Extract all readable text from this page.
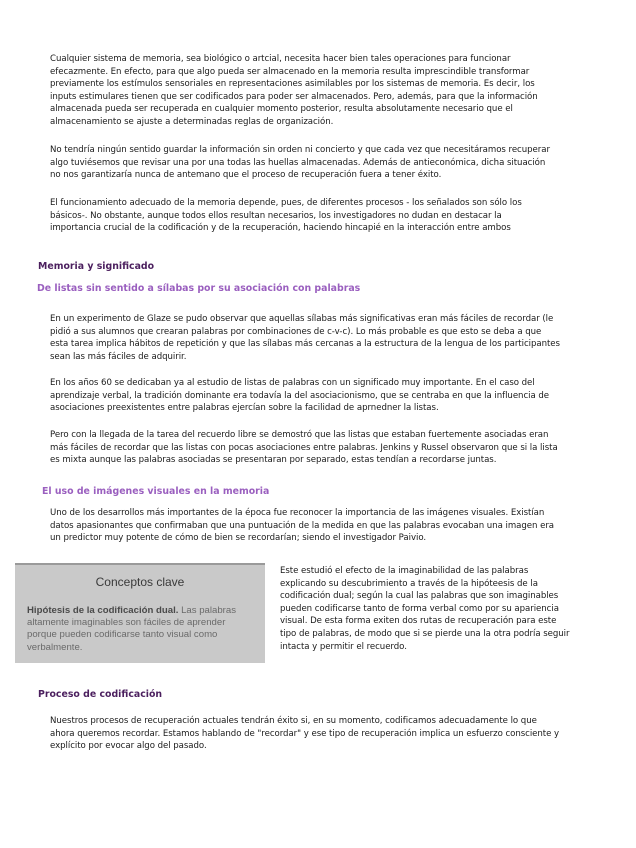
Cualquier sistema de memoria, sea biológico o artcial, necesita hacer bien tales operaciones para funcionar efecazmente. En efecto, para que algo pueda ser almacenado en la memoria resulta imprescindible transformar previamente los estímulos sensoriales en representaciones asimilables por los sistemas de memoria. Es decir, los inputs estimulares tienen que ser codificados para poder ser almacenados. Pero, además, para que la información almacenada pueda ser recuperada en cualquier momento posterior, resulta absolutamente necesario que el almacenamiento se ajuste a determinadas reglas de organización.

No tendría ningún sentido guardar la información sin orden ni concierto y que cada vez que necesitáramos recuperar algo tuviésemos que revisar una por una todas las huellas almacenadas. Además de antieconómica, dicha situación no nos garantizaría nunca de antemano que el proceso de recuperación fuera a tener éxito.

El funcionamiento adecuado de la memoria depende, pues, de diferentes procesos - los señalados son sólo los básicos-. No obstante, aunque todos ellos resultan necesarios, los investigadores no dudan en destacar la importancia crucial de la codificación y de la recuperación, haciendo hincapié en la interacción entre ambos

Memoria y significado
De listas sin sentido a sílabas por su asociación con palabras

En un experimento de Glaze se pudo observar que aquellas sílabas más significativas eran más fáciles de recordar (le pidió a sus alumnos que crearan palabras por combinaciones de c-v-c). Lo más probable es que esto se deba a que esta tarea implica hábitos de repetición y que las sílabas más cercanas a la estructura de la lengua de los participantes sean las más fáciles de adquirir.

En los años 60 se dedicaban ya al estudio de listas de palabras con un significado muy importante. En el caso del aprendizaje verbal, la tradición dominante era todavía la del asociacionismo, que se centraba en que la influencia de asociaciones preexistentes entre palabras ejercían sobre la facilidad de aprnedner la listas.

Pero con la llegada de la tarea del recuerdo libre se demostró que las listas que estaban fuertemente asociadas eran más fáciles de recordar que las listas con pocas asociaciones entre palabras. Jenkins y Russel observaron que si la lista es mixta aunque las palabras asociadas se presentaran por separado, estas tendían a recordarse juntas.

El uso de imágenes visuales en la memoria

Uno de los desarrollos más importantes de la época fue reconocer la importancia de las imágenes visuales. Existían datos apasionantes que confirmaban que una puntuación de la medida en que las palabras evocaban una imagen era un predictor muy potente de cómo de bien se recordarían; siendo el investigador Paivio.

Conceptos clave
Hipótesis de la codificación dual. Las palabras altamente imaginables son fáciles de aprender porque pueden codificarse tanto visual como verbalmente.

Este estudió el efecto de la imaginabilidad de las palabras explicando su descubrimiento a través de la hipóteesis de la codificación dual; según la cual las palabras que son imaginables pueden codificarse tanto de forma verbal como por su apariencia visual. De esta forma exiten dos rutas de recuperación para este tipo de palabras, de modo que si se pierde una la otra podría seguir intacta y permitir el recuerdo.

Proceso de codificación

Nuestros procesos de recuperación actuales tendrán éxito si, en su momento, codificamos adecuadamente lo que ahora queremos recordar. Estamos hablando de "recordar" y ese tipo de recuperación implica un esfuerzo consciente y explícito por evocar algo del pasado.
